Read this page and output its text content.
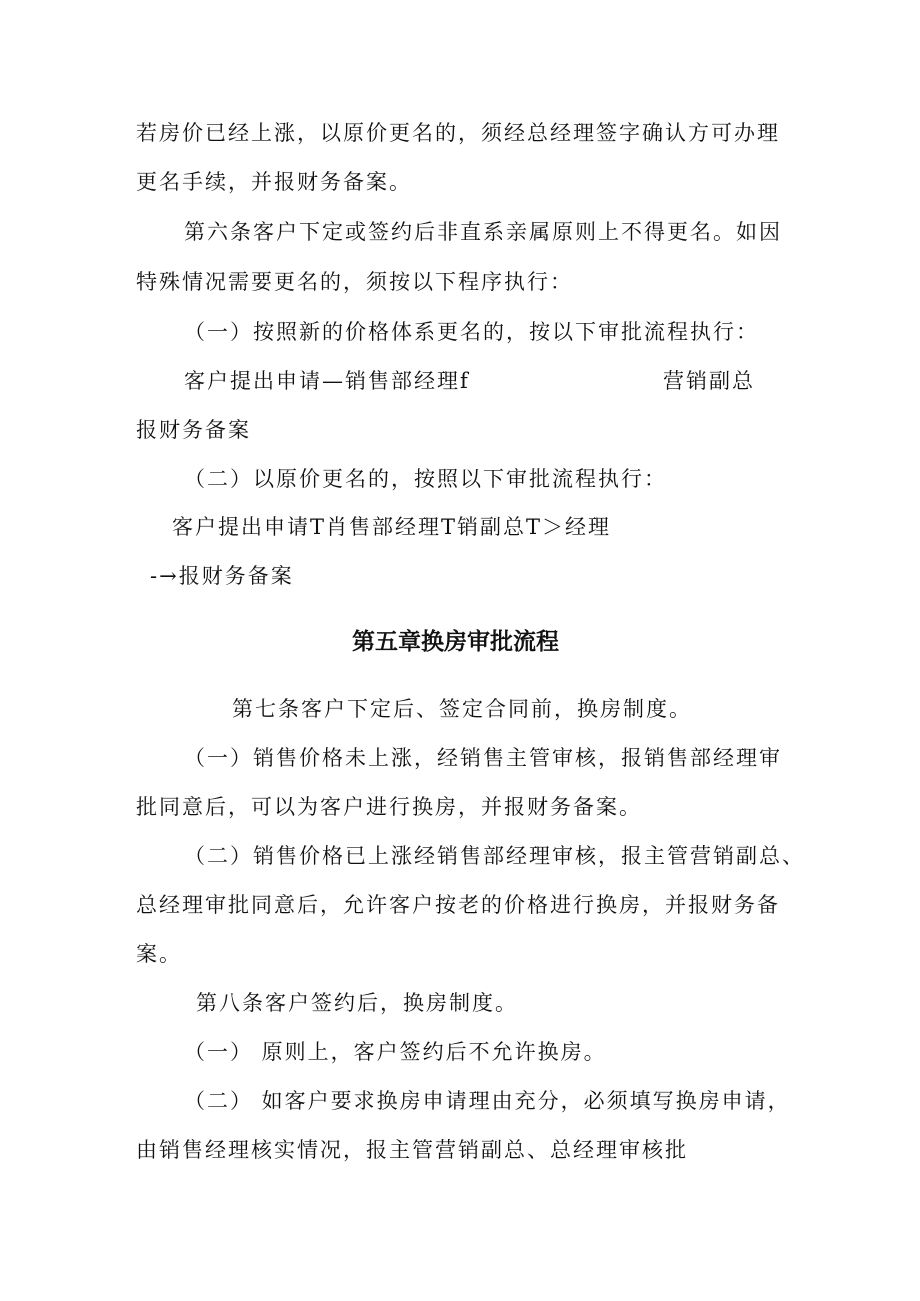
若房价已经上涨，以原价更名的，须经总经理签字确认方可办理
更名手续，并报财务备案。
第六条客户下定或签约后非直系亲属原则上不得更名。如因
特殊情况需要更名的，须按以下程序执行：
（一）按照新的价格体系更名的，按以下审批流程执行：
客户提出申请—销售部经理f	营销副总
报财务备案
（二）以原价更名的，按照以下审批流程执行：
客户提出申请T肖售部经理T销副总T＞经理
-→报财务备案
第五章换房审批流程
第七条客户下定后、签定合同前，换房制度。
（一）销售价格未上涨，经销售主管审核，报销售部经理审
批同意后，可以为客户进行换房，并报财务备案。
（二）销售价格已上涨经销售部经理审核，报主管营销副总、
总经理审批同意后，允许客户按老的价格进行换房，并报财务备
案。
第八条客户签约后，换房制度。
（一） 原则上，客户签约后不允许换房。
（二） 如客户要求换房申请理由充分，必须填写换房申请，
由销售经理核实情况，报主管营销副总、总经理审核批
